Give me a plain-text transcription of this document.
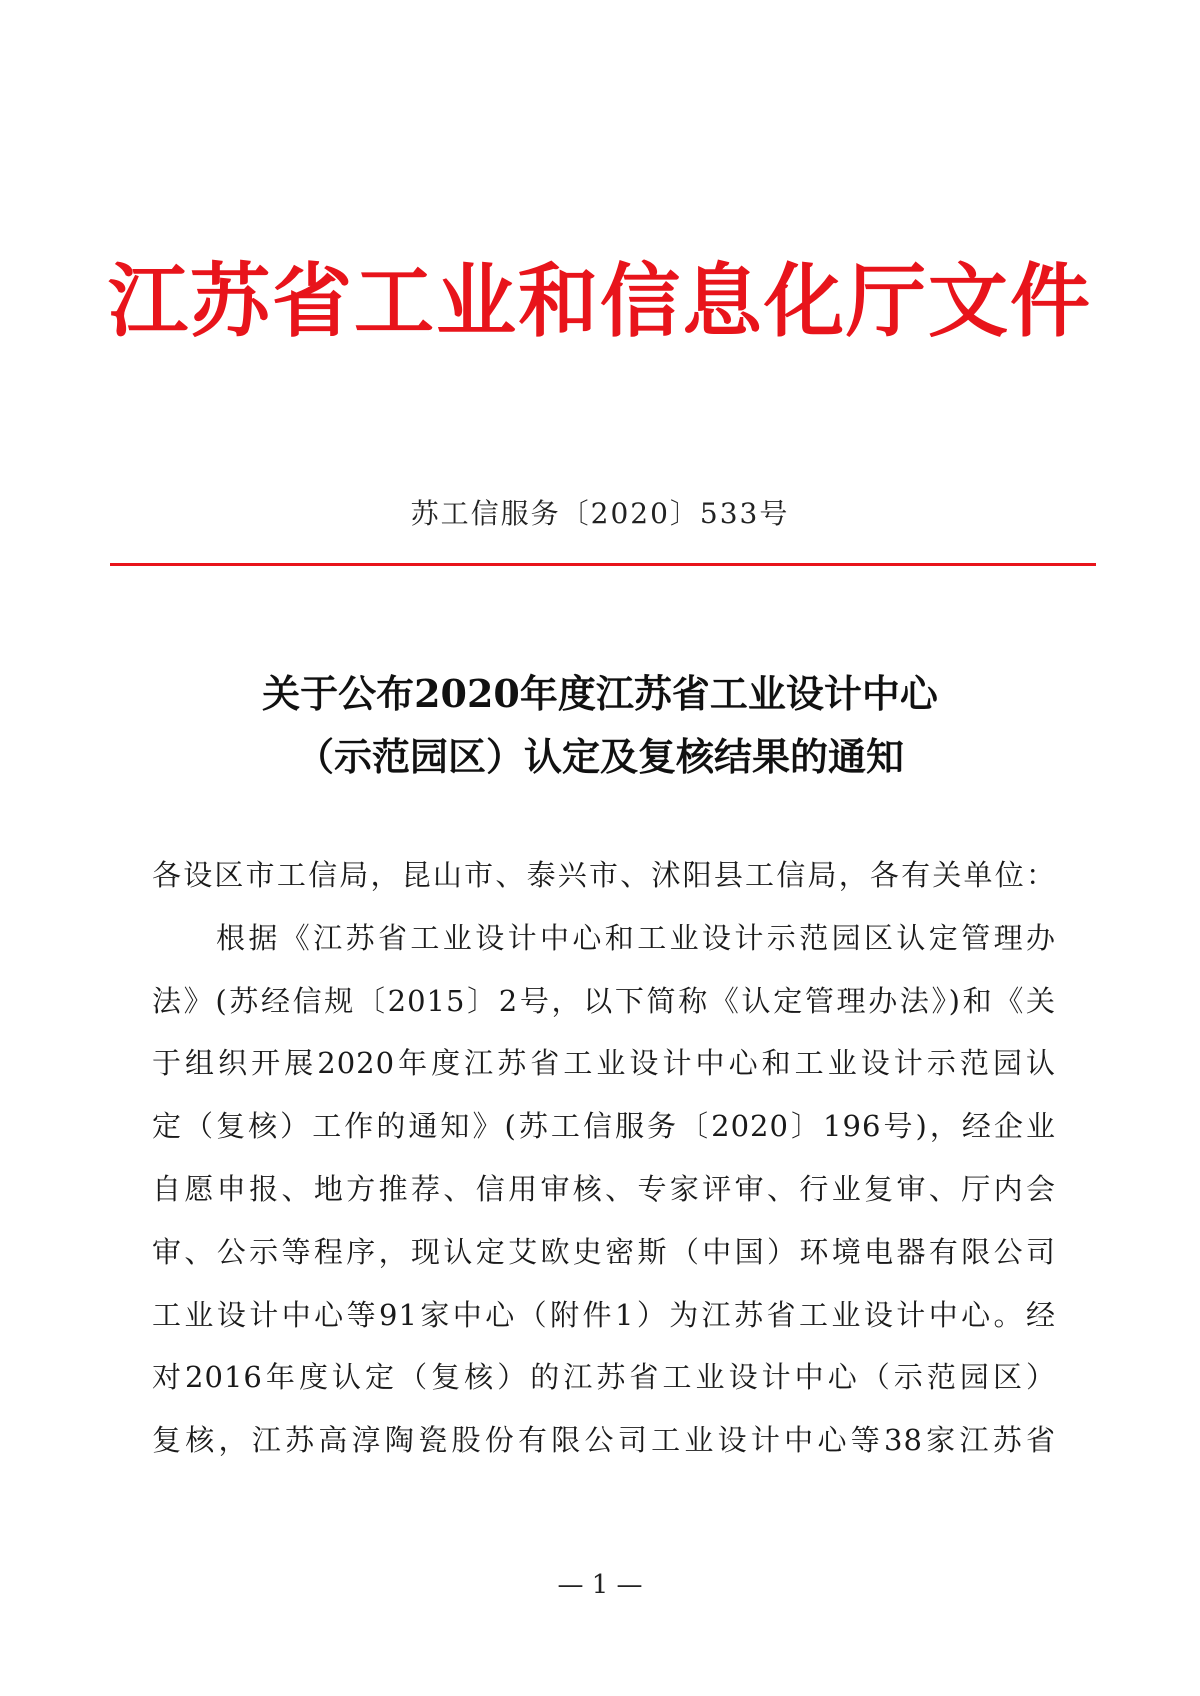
江苏省工业和信息化厅文件
苏工信服务〔2020〕533号
关于公布2020年度江苏省工业设计中心
（示范园区）认定及复核结果的通知
各设区市工信局，昆山市、泰兴市、沭阳县工信局，各有关单位：
根据《江苏省工业设计中心和工业设计示范园区认定管理办
法》(苏经信规〔2015〕2号，以下简称《认定管理办法》)和《关
于组织开展2020年度江苏省工业设计中心和工业设计示范园认
定（复核）工作的通知》(苏工信服务〔2020〕196号)，经企业
自愿申报、地方推荐、信用审核、专家评审、行业复审、厅内会
审、公示等程序，现认定艾欧史密斯（中国）环境电器有限公司
工业设计中心等91家中心（附件1）为江苏省工业设计中心。经
对2016年度认定（复核）的江苏省工业设计中心（示范园区）
复核，江苏高淳陶瓷股份有限公司工业设计中心等38家江苏省
— 1 —
